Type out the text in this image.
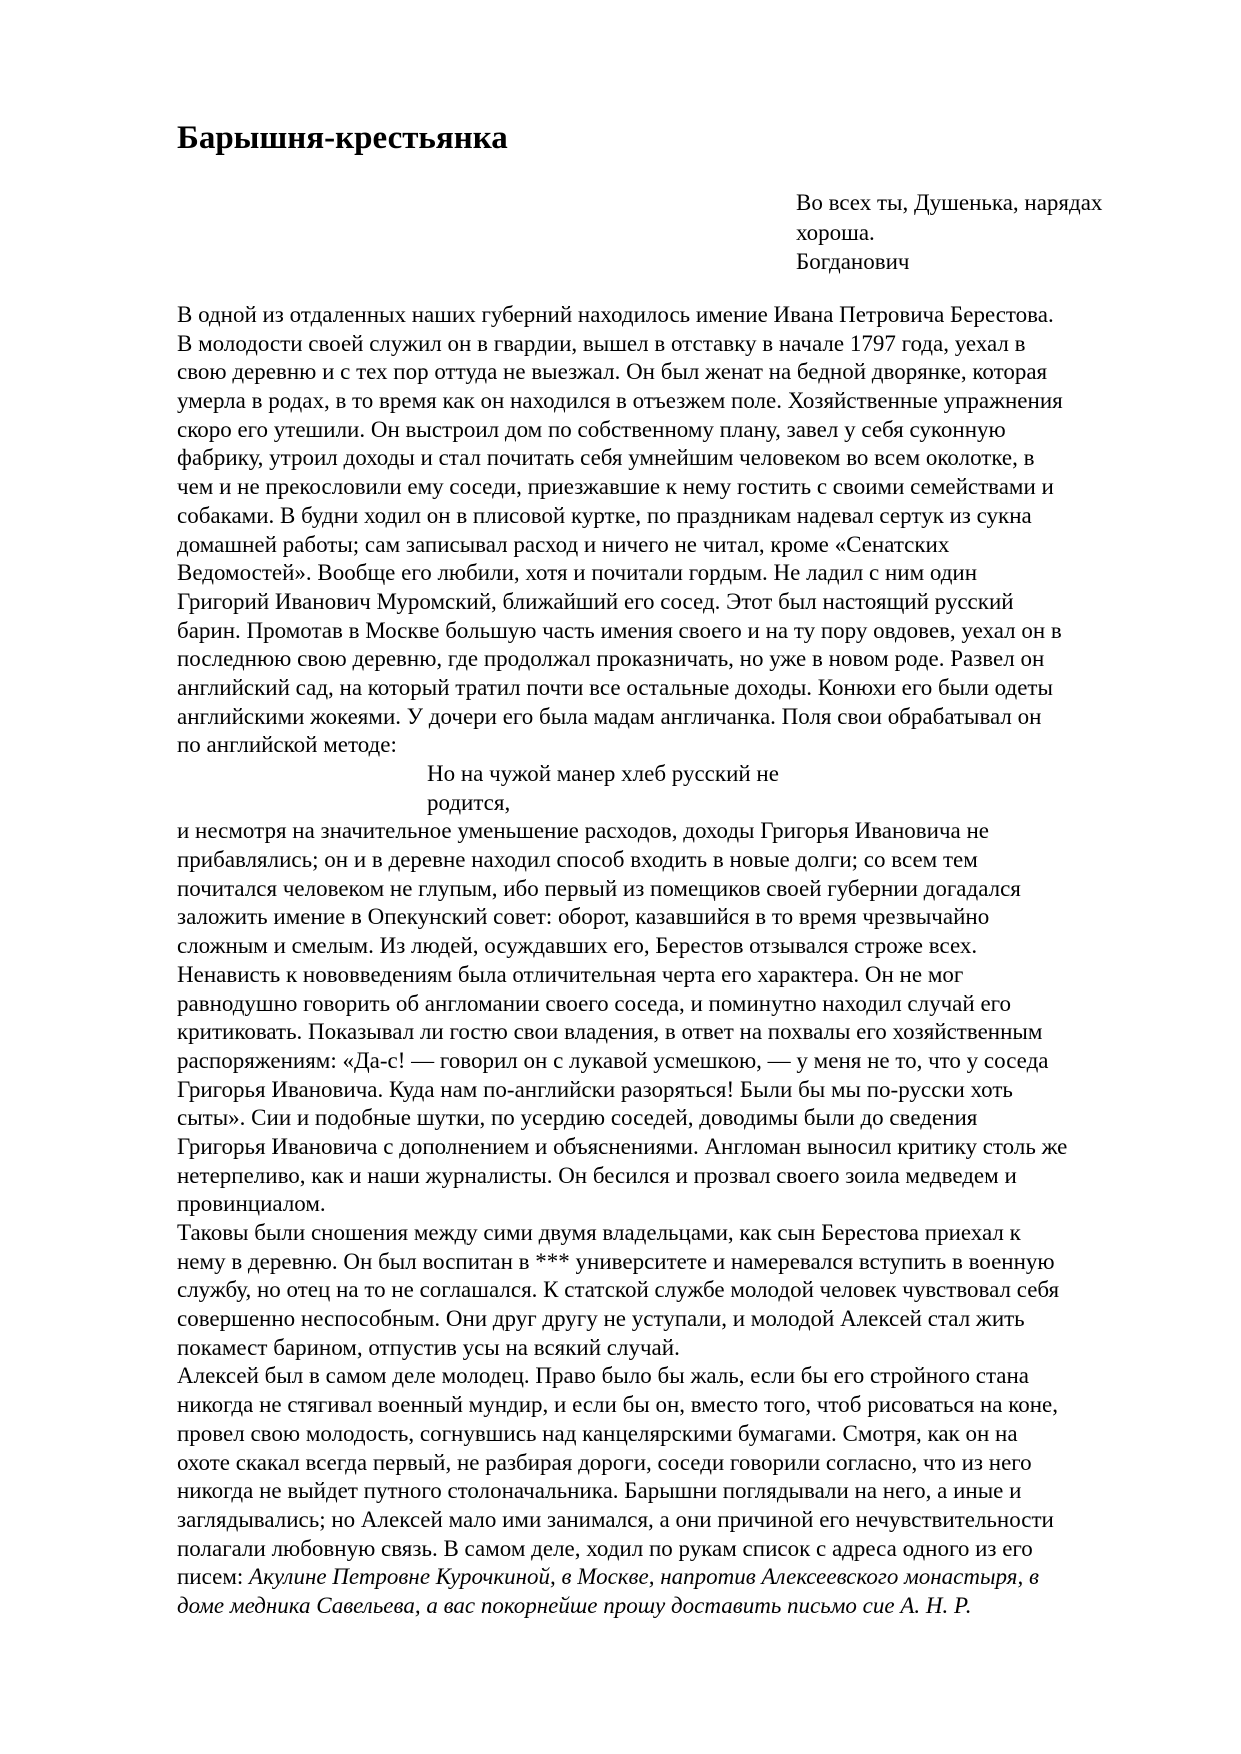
Барышня-крестьянка
Во всех ты, Душенька, нарядах
хороша.
Богданович
В одной из отдаленных наших губерний находилось имение Ивана Петровича Берестова.
В молодости своей служил он в гвардии, вышел в отставку в начале 1797 года, уехал в
свою деревню и с тех пор оттуда не выезжал. Он был женат на бедной дворянке, которая
умерла в родах, в то время как он находился в отъезжем поле. Хозяйственные упражнения
скоро его утешили. Он выстроил дом по собственному плану, завел у себя суконную
фабрику, утроил доходы и стал почитать себя умнейшим человеком во всем околотке, в
чем и не прекословили ему соседи, приезжавшие к нему гостить с своими семействами и
собаками. В будни ходил он в плисовой куртке, по праздникам надевал сертук из сукна
домашней работы; сам записывал расход и ничего не читал, кроме «Сенатских
Ведомостей». Вообще его любили, хотя и почитали гордым. Не ладил с ним один
Григорий Иванович Муромский, ближайший его сосед. Этот был настоящий русский
барин. Промотав в Москве большую часть имения своего и на ту пору овдовев, уехал он в
последнюю свою деревню, где продолжал проказничать, но уже в новом роде. Развел он
английский сад, на который тратил почти все остальные доходы. Конюхи его были одеты
английскими жокеями. У дочери его была мадам англичанка. Поля свои обрабатывал он
по английской методе:
Но на чужой манер хлеб русский не
родится,
и несмотря на значительное уменьшение расходов, доходы Григорья Ивановича не
прибавлялись; он и в деревне находил способ входить в новые долги; со всем тем
почитался человеком не глупым, ибо первый из помещиков своей губернии догадался
заложить имение в Опекунский совет: оборот, казавшийся в то время чрезвычайно
сложным и смелым. Из людей, осуждавших его, Берестов отзывался строже всех.
Ненависть к нововведениям была отличительная черта его характера. Он не мог
равнодушно говорить об англомании своего соседа, и поминутно находил случай его
критиковать. Показывал ли гостю свои владения, в ответ на похвалы его хозяйственным
распоряжениям: «Да-с! — говорил он с лукавой усмешкою, — у меня не то, что у соседа
Григорья Ивановича. Куда нам по-английски разоряться! Были бы мы по-русски хоть
сыты». Сии и подобные шутки, по усердию соседей, доводимы были до сведения
Григорья Ивановича с дополнением и объяснениями. Англоман выносил критику столь же
нетерпеливо, как и наши журналисты. Он бесился и прозвал своего зоила медведем и
провинциалом.
Таковы были сношения между сими двумя владельцами, как сын Берестова приехал к
нему в деревню. Он был воспитан в *** университете и намеревался вступить в военную
службу, но отец на то не соглашался. К статской службе молодой человек чувствовал себя
совершенно неспособным. Они друг другу не уступали, и молодой Алексей стал жить
покамест барином, отпустив усы на всякий случай.
Алексей был в самом деле молодец. Право было бы жаль, если бы его стройного стана
никогда не стягивал военный мундир, и если бы он, вместо того, чтоб рисоваться на коне,
провел свою молодость, согнувшись над канцелярскими бумагами. Смотря, как он на
охоте скакал всегда первый, не разбирая дороги, соседи говорили согласно, что из него
никогда не выйдет путного столоначальника. Барышни поглядывали на него, а иные и
заглядывались; но Алексей мало ими занимался, а они причиной его нечувствительности
полагали любовную связь. В самом деле, ходил по рукам список с адреса одного из его
писем: Акулине Петровне Курочкиной, в Москве, напротив Алексеевского монастыря, в
доме медника Савельева, а вас покорнейше прошу доставить письмо сие А. Н. Р.
